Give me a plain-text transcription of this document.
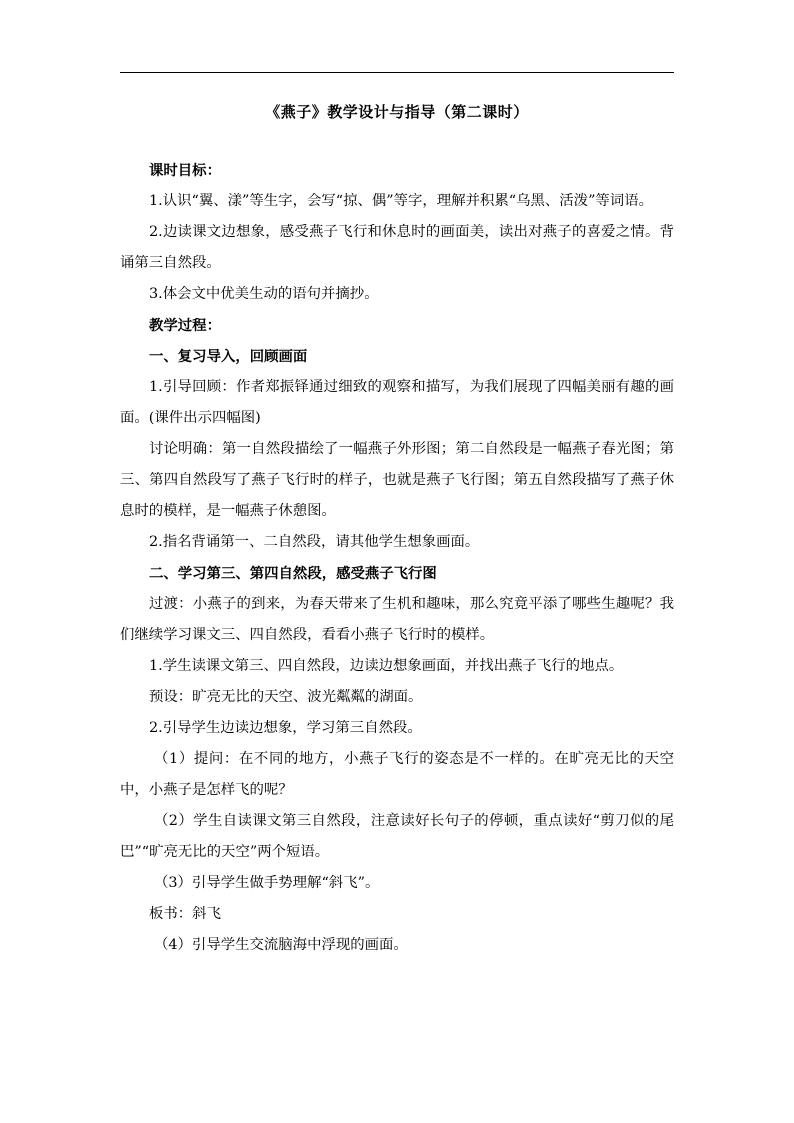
《燕子》教学设计与指导（第二课时）

课时目标：

1.认识“翼、漾”等生字，会写“掠、偶”等字，理解并积累“乌黑、活泼”等词语。

2.边读课文边想象，感受燕子飞行和休息时的画面美，读出对燕子的喜爱之情。背诵第三自然段。

3.体会文中优美生动的语句并摘抄。

教学过程：

一、复习导入，回顾画面

1.引导回顾：作者郑振铎通过细致的观察和描写，为我们展现了四幅美丽有趣的画面。(课件出示四幅图)

讨论明确：第一自然段描绘了一幅燕子外形图；第二自然段是一幅燕子春光图；第三、第四自然段写了燕子飞行时的样子，也就是燕子飞行图；第五自然段描写了燕子休息时的模样，是一幅燕子休憩图。

2.指名背诵第一、二自然段，请其他学生想象画面。

二、学习第三、第四自然段，感受燕子飞行图

过渡：小燕子的到来，为春天带来了生机和趣味，那么究竟平添了哪些生趣呢？我们继续学习课文三、四自然段，看看小燕子飞行时的模样。

1.学生读课文第三、四自然段，边读边想象画面，并找出燕子飞行的地点。

预设：旷亮无比的天空、波光粼粼的湖面。

2.引导学生边读边想象，学习第三自然段。

（1）提问：在不同的地方，小燕子飞行的姿态是不一样的。在旷亮无比的天空中，小燕子是怎样飞的呢？

（2）学生自读课文第三自然段，注意读好长句子的停顿，重点读好“剪刀似的尾巴”“旷亮无比的天空”两个短语。

（3）引导学生做手势理解“斜飞”。

板书：斜飞

（4）引导学生交流脑海中浮现的画面。
